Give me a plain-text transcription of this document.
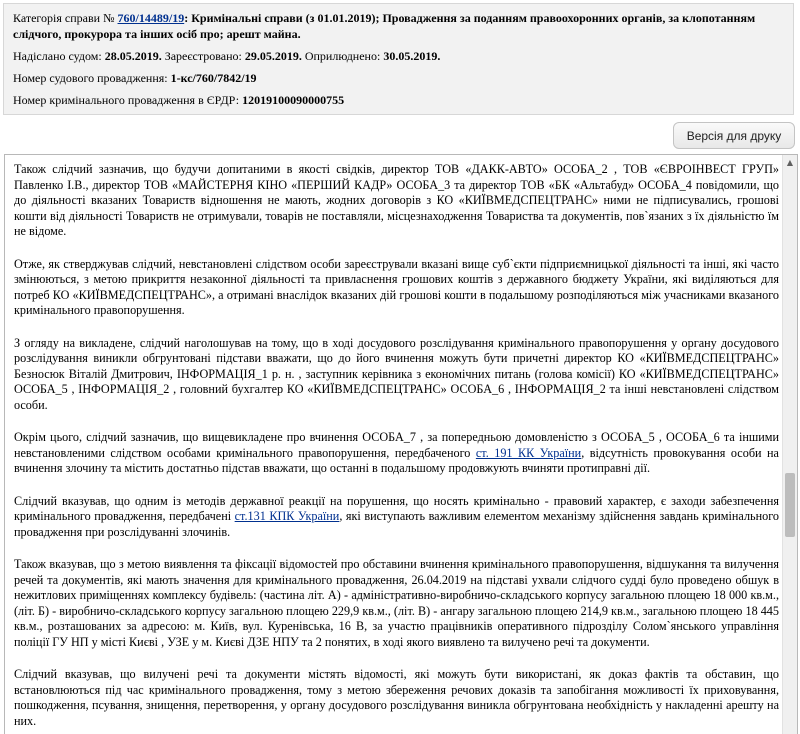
Категорія справи № 760/14489/19: Кримінальні справи (з 01.01.2019); Провадження за поданням правоохоронних органів, за клопотанням слідчого, прокурора та інших осіб про; арешт майна.
Надіслано судом: 28.05.2019. Зареєстровано: 29.05.2019. Оприлюднено: 30.05.2019.
Номер судового провадження: 1-кс/760/7842/19
Номер кримінального провадження в ЄРДР: 12019100090000755
Версія для друку

Також слідчий зазначив, що будучи допитаними в якості свідків, директор ТОВ «ДАКК-АВТО» ОСОБА_2 , ТОВ «ЄВРОІНВЕСТ ГРУП» Павленко І.В., директор ТОВ «МАЙСТЕРНЯ КІНО «ПЕРШИЙ КАДР» ОСОБА_3 та директор ТОВ «БК «Альтабуд» ОСОБА_4 повідомили, що до діяльності вказаних Товариств відношення не мають, жодних договорів з КО «КИЇВМЕДСПЕЦТРАНС» ними не підписувались, грошові кошти від діяльності Товариств не отримували, товарів не поставляли, місцезнаходження Товариства та документів, пов`язаних з їх діяльністю їм не відоме.

Отже, як стверджував слідчий, невстановлені слідством особи зареєстрували вказані вище суб`єкти підприємницької діяльності та інші, які часто змінюються, з метою прикриття незаконної діяльності та привласнення грошових коштів з державного бюджету України, які виділяються для потреб КО «КИЇВМЕДСПЕЦТРАНС», а отримані внаслідок вказаних дій грошові кошти в подальшому розподіляються між учасниками вказаного кримінального правопорушення.

З огляду на викладене, слідчий наголошував на тому, що в ході досудового розслідування кримінального правопорушення у органу досудового розслідування виникли обгрунтовані підстави вважати, що до його вчинення можуть бути причетні директор КО «КИЇВМЕДСПЕЦТРАНС» Безносюк Віталій Дмитрович, ІНФОРМАЦІЯ_1 р. н. , заступник керівника з економічних питань (голова комісії) КО «КИЇВМЕДСПЕЦТРАНС» ОСОБА_5 , ІНФОРМАЦІЯ_2 , головний бухгалтер КО «КИЇВМЕДСПЕЦТРАНС» ОСОБА_6 , ІНФОРМАЦІЯ_2 та інші невстановлені слідством особи.

Окрім цього, слідчий зазначив, що вищевикладене про вчинення ОСОБА_7 , за попередньою домовленістю з ОСОБА_5 , ОСОБА_6 та іншими невстановленими слідством особами кримінального правопорушення, передбаченого ст. 191 КК України, відсутність провокування особи на вчинення злочину та містить достатньо підстав вважати, що останні в подальшому продовжують вчиняти протиправні дії.

Слідчий вказував, що одним із методів державної реакції на порушення, що носять кримінально - правовий характер, є заходи забезпечення кримінального провадження, передбачені ст.131 КПК України, які виступають важливим елементом механізму здійснення завдань кримінального провадження при розслідуванні злочинів.

Також вказував, що з метою виявлення та фіксації відомостей про обставини вчинення кримінального правопорушення, відшукання та вилучення речей та документів, які мають значення для кримінального провадження, 26.04.2019 на підставі ухвали слідчого судді було проведено обшук в нежитлових приміщеннях комплексу будівель: (частина літ. А) - адміністративно-виробничо-складського корпусу загальною площею 18 000 кв.м., (літ. Б) - виробничо-складського корпусу загальною площею 229,9 кв.м., (літ. В) - ангару загальною площею 214,9 кв.м., загальною площею 18 445 кв.м., розташованих за адресою: м. Київ, вул. Куренівська, 16 В, за участю працівників оперативного підрозділу Солом`янського управління поліції ГУ НП у місті Києві , УЗЕ у м. Києві ДЗЕ НПУ та 2 понятих, в ході якого виявлено та вилучено речі та документи.

Слідчий вказував, що вилучені речі та документи містять відомості, які можуть бути використані, як доказ фактів та обставин, що встановлюються під час кримінального провадження, тому з метою збереження речових доказів та запобігання можливості їх приховування, пошкодження, псування, знищення, перетворення, у органу досудового розслідування виникла обгрунтована необхідність у накладенні арешту на них.

▲
